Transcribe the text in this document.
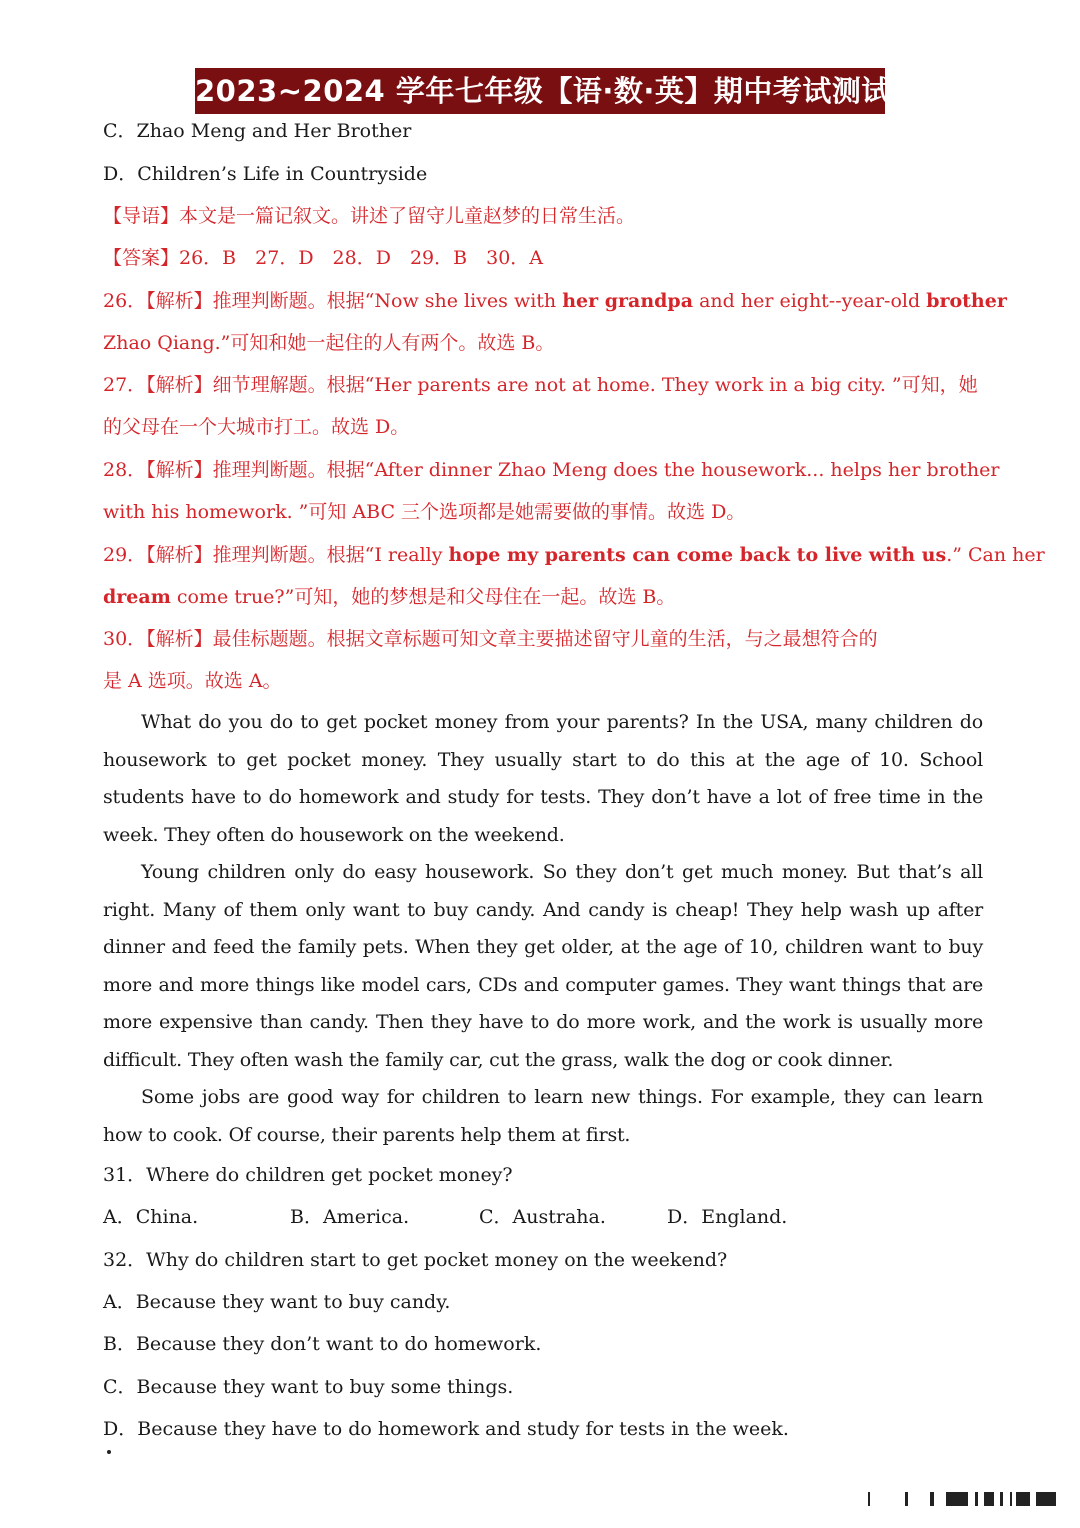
2023~2024 学年七年级【语·数·英】期中考试测试卷
C．Zhao Meng and Her Brother
D．Children’s Life in Countryside
【导语】本文是一篇记叙文。讲述了留守儿童赵梦的日常生活。
【答案】26．B　27．D　28．D　29．B　30．A
26．【解析】推理判断题。根据“Now she lives with her grandpa and her eight--year-old brother
Zhao Qiang.”可知和她一起住的人有两个。故选 B。
27．【解析】细节理解题。根据“Her parents are not at home. They work in a big city. ”可知，她
的父母在一个大城市打工。故选 D。
28．【解析】推理判断题。根据“After dinner Zhao Meng does the housework... helps her brother
with his homework. ”可知 ABC 三个选项都是她需要做的事情。故选 D。
29．【解析】推理判断题。根据“I really hope my parents can come back to live with us.” Can her
dream come true?”可知，她的梦想是和父母住在一起。故选 B。
30．【解析】最佳标题题。根据文章标题可知文章主要描述留守儿童的生活，与之最想符合的
是 A 选项。故选 A。
What do you do to get pocket money from your parents? In the USA, many children do housework to get pocket money. They usually start to do this at the age of 10. School students have to do homework and study for tests. They don’t have a lot of free time in the week. They often do housework on the weekend.
Young children only do easy housework. So they don’t get much money. But that’s all right. Many of them only want to buy candy. And candy is cheap! They help wash up after dinner and feed the family pets. When they get older, at the age of 10, children want to buy more and more things like model cars, CDs and computer games. They want things that are more expensive than candy. Then they have to do more work, and the work is usually more difficult. They often wash the family car, cut the grass, walk the dog or cook dinner.
Some jobs are good way for children to learn new things. For example, they can learn how to cook. Of course, their parents help them at first.
31．Where do children get pocket money?
A．China.	B．America.	C．Austraha.	D．England.
32．Why do children start to get pocket money on the weekend?
A．Because they want to buy candy.
B．Because they don’t want to do homework.
C．Because they want to buy some things.
D．Because they have to do homework and study for tests in the week.
